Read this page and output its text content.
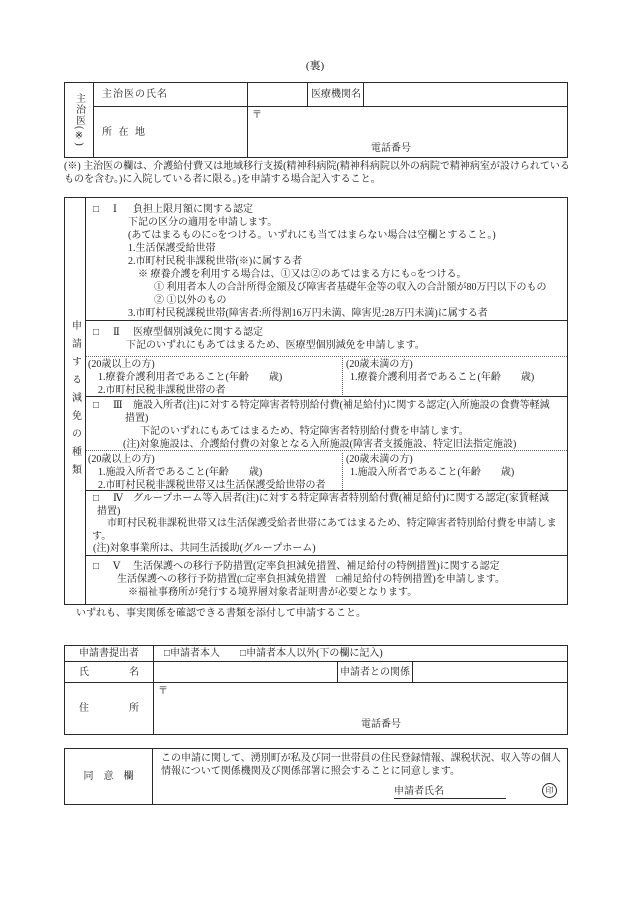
(裏)
主治医(※)	主治医の氏名	医療機関名
所 在 地
〒
電話番号
(※) 主治医の欄は、介護給付費又は地域移行支援(精神科病院(精神科病院以外の病院で精神病室が設けられているものを含む。)に入院している者に限る。)を申請する場合記入すること。
申請する減免の種類
□	Ⅰ	負担上限月額に関する認定
下記の区分の適用を申請します。
(あてはまるものに○をつける。いずれにも当てはまらない場合は空欄とすること。)
1.生活保護受給世帯
2.市町村民税非課税世帯(※)に属する者
※ 療養介護を利用する場合は、①又は②のあてはまる方にも○をつける。
① 利用者本人の合計所得金額及び障害者基礎年金等の収入の合計額が80万円以下のもの
② ①以外のもの
3.市町村民税課税世帯(障害者:所得割16万円未満、障害児:28万円未満)に属する者
□	Ⅱ	医療型個別減免に関する認定
下記のいずれにもあてはまるため、医療型個別減免を申請します。
(20歳以上の方)
1.療養介護利用者であること(年齢　　歳)
2.市町村民税非課税世帯の者
(20歳未満の方)
1.療養介護利用者であること(年齢　　歳)
□	Ⅲ	施設入所者(注)に対する特定障害者特別給付費(補足給付)に関する認定(入所施設の食費等軽減
措置)
下記のいずれにもあてはまるため、特定障害者特別給付費を申請します。
(注)対象施設は、介護給付費の対象となる入所施設(障害者支援施設、特定旧法指定施設)
(20歳以上の方)
1.施設入所者であること(年齢　　歳)
2.市町村民税非課税世帯又は生活保護受給世帯の者
(20歳未満の方)
1.施設入所者であること(年齢　　歳)
□	Ⅳ	グループホーム等入居者(注)に対する特定障害者特別給付費(補足給付)に関する認定(家賃軽減
措置)
市町村民税非課税世帯又は生活保護受給者世帯にあてはまるため、特定障害者特別給付費を申請しま
す。
(注)対象事業所は、共同生活援助(グループホーム)
□	Ⅴ	生活保護への移行予防措置(定率負担減免措置、補足給付の特例措置)に関する認定
生活保護への移行予防措置(□定率負担減免措置　□補足給付の特例措置)を申請します。
※福祉事務所が発行する境界層対象者証明書が必要となります。
いずれも、事実関係を確認できる書類を添付して申請すること。
申請書提出者	□申請者本人 □申請者本人以外(下の欄に記入)
氏　　　　名	申請者との関係
住　　　　所
〒
電話番号
同　意　欄
この申請に関して、湧別町が私及び同一世帯員の住民登録情報、課税状況、収入等の個人情報について関係機関及び関係部署に照会することに同意します。
申請者氏名	印
